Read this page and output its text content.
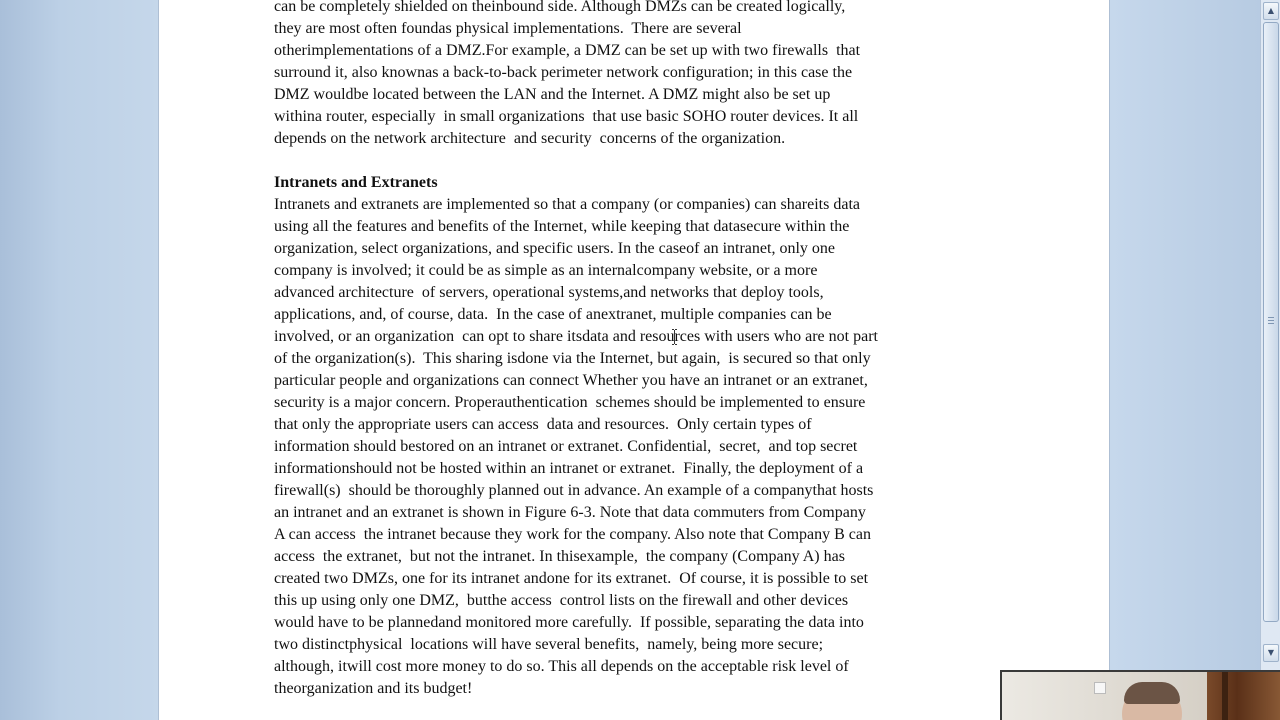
can be completely shielded on theinbound side. Although DMZs can be created logically,
they are most often foundas physical implementations.  There are several
otherimplementations of a DMZ.For example, a DMZ can be set up with two firewalls  that
surround it, also knownas a back-to-back perimeter network configuration; in this case the
DMZ wouldbe located between the LAN and the Internet. A DMZ might also be set up
withina router, especially  in small organizations  that use basic SOHO router devices. It all
depends on the network architecture  and security  concerns of the organization.
Intranets and Extranets
Intranets and extranets are implemented so that a company (or companies) can shareits data
using all the features and benefits of the Internet, while keeping that datasecure within the
organization, select organizations, and specific users. In the caseof an intranet, only one
company is involved; it could be as simple as an internalcompany website, or a more
advanced architecture  of servers, operational systems,and networks that deploy tools,
applications, and, of course, data.  In the case of anextranet, multiple companies can be
involved, or an organization  can opt to share itsdata and resources with users who are not part
of the organization(s).  This sharing isdone via the Internet, but again,  is secured so that only
particular people and organizations can connect Whether you have an intranet or an extranet,
security is a major concern. Properauthentication  schemes should be implemented to ensure
that only the appropriate users can access  data and resources.  Only certain types of
information should bestored on an intranet or extranet. Confidential,  secret,  and top secret
informationshould not be hosted within an intranet or extranet.  Finally, the deployment of a
firewall(s)  should be thoroughly planned out in advance. An example of a companythat hosts
an intranet and an extranet is shown in Figure 6-3. Note that data commuters from Company
A can access  the intranet because they work for the company. Also note that Company B can
access  the extranet,  but not the intranet. In thisexample,  the company (Company A) has
created two DMZs, one for its intranet andone for its extranet.  Of course, it is possible to set
this up using only one DMZ,  butthe access  control lists on the firewall and other devices
would have to be plannedand monitored more carefully.  If possible, separating the data into
two distinctphysical  locations will have several benefits,  namely, being more secure;
although, itwill cost more money to do so. This all depends on the acceptable risk level of
theorganization and its budget!
▲
▼
